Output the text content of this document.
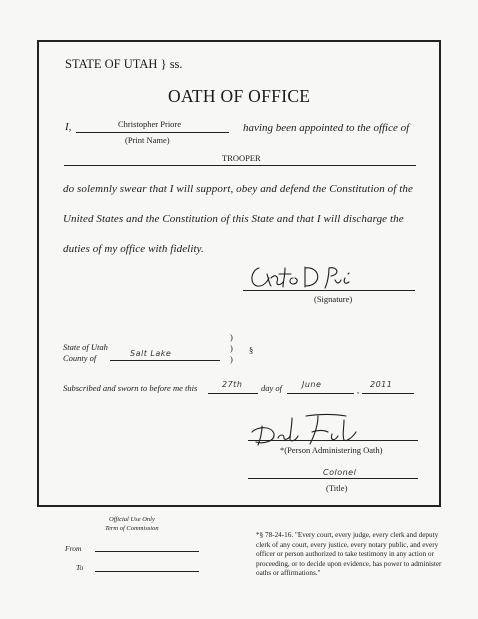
STATE OF UTAH } ss.
OATH OF OFFICE
I,	Christopher Priore
(Print Name)
having been appointed to the office of
TROOPER
do solemnly swear that I will support, obey and defend the Constitution of the
United States and the Constitution of this State and that I will discharge the
duties of my office with fidelity.
(Signature)
State of Utah
County of	Salt Lake
)
)
)
§
Subscribed and sworn to before me this	27th day of June
,
2011
*(Person Administering Oath)
Colonel
(Title)
Official Use Only
Term of Commission
From
To
*§ 78-24-16. "Every court, every judge, every clerk and deputy clerk of any court, every justice, every notary public, and every officer or person authorized to take testimony in any action or proceeding, or to decide upon evidence, has power to administer oaths or affirmations."
